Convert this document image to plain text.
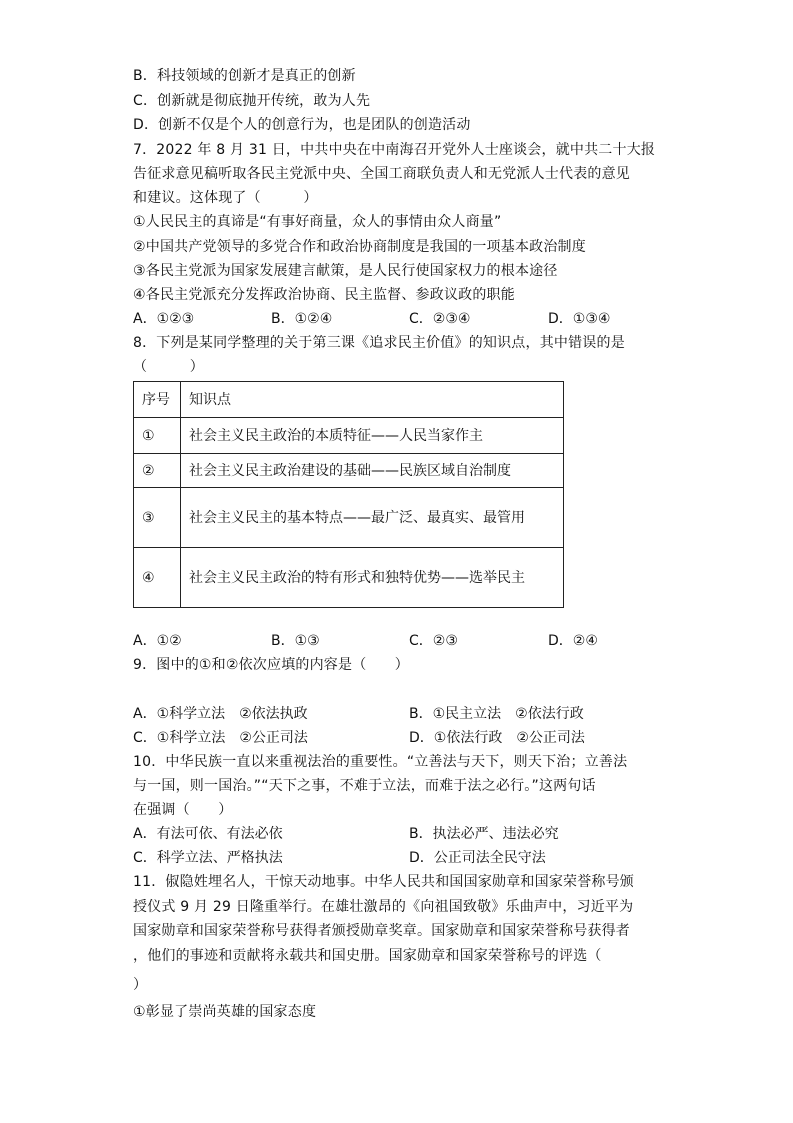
B．科技领域的创新才是真正的创新
C．创新就是彻底抛开传统，敢为人先
D．创新不仅是个人的创意行为，也是团队的创造活动
7．2022 年 8 月 31 日，中共中央在中南海召开党外人士座谈会，就中共二十大报
告征求意见稿听取各民主党派中央、全国工商联负责人和无党派人士代表的意见
和建议。这体现了（　　　）
①人民民主的真谛是“有事好商量，众人的事情由众人商量”
②中国共产党领导的多党合作和政治协商制度是我国的一项基本政治制度
③各民主党派为国家发展建言献策，是人民行使国家权力的根本途径
④各民主党派充分发挥政治协商、民主监督、参政议政的职能
A．①②③	B．①②④	C．②③④	D．①③④
8．下列是某同学整理的关于第三课《追求民主价值》的知识点，其中错误的是
（　　　）
序号	知识点
①	社会主义民主政治的本质特征——人民当家作主
②	社会主义民主政治建设的基础——民族区域自治制度
③	社会主义民主的基本特点——最广泛、最真实、最管用
④	社会主义民主政治的特有形式和独特优势——选举民主
A．①②	B．①③	C．②③	D．②④
9．图中的①和②依次应填的内容是（　　）
A．①科学立法　②依法执政	B．①民主立法　②依法行政
C．①科学立法　②公正司法	D．①依法行政　②公正司法
10．中华民族一直以来重视法治的重要性。“立善法与天下，则天下治；立善法
与一国，则一国治。”“天下之事，不难于立法，而难于法之必行。”这两句话
在强调（　　）
A．有法可依、有法必依	B．执法必严、违法必究
C．科学立法、严格执法	D．公正司法全民守法
11．俶隐姓埋名人，干惊天动地事。中华人民共和国国家勋章和国家荣誉称号颁
授仪式 9 月 29 日隆重举行。在雄壮激昂的《向祖国致敬》乐曲声中，习近平为
国家勋章和国家荣誉称号获得者颁授勋章奖章。国家勋章和国家荣誉称号获得者
，他们的事迹和贡献将永载共和国史册。国家勋章和国家荣誉称号的评选（
）
①彰显了崇尚英雄的国家态度
